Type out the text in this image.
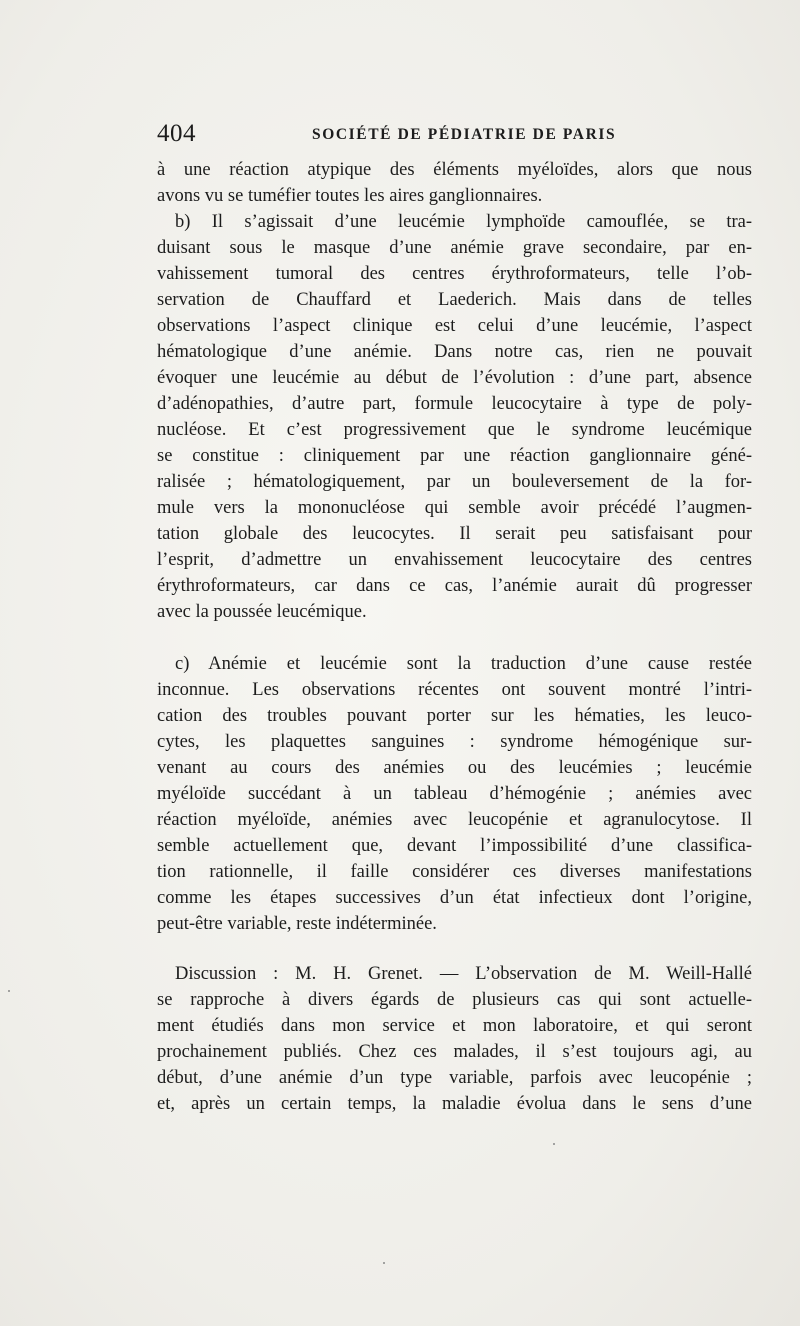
404	SOCIÉTÉ DE PÉDIATRIE DE PARIS
à une réaction atypique des éléments myéloïdes, alors que nous
avons vu se tuméfier toutes les aires ganglionnaires.
b) Il s’agissait d’une leucémie lymphoïde camouflée, se tra-
duisant sous le masque d’une anémie grave secondaire, par en-
vahissement tumoral des centres érythroformateurs, telle l’ob-
servation de Chauffard et Laederich. Mais dans de telles
observations l’aspect clinique est celui d’une leucémie, l’aspect
hématologique d’une anémie. Dans notre cas, rien ne pouvait
évoquer une leucémie au début de l’évolution : d’une part, absence
d’adénopathies, d’autre part, formule leucocytaire à type de poly-
nucléose. Et c’est progressivement que le syndrome leucémique
se constitue : cliniquement par une réaction ganglionnaire géné-
ralisée ; hématologiquement, par un bouleversement de la for-
mule vers la mononucléose qui semble avoir précédé l’augmen-
tation globale des leucocytes. Il serait peu satisfaisant pour
l’esprit, d’admettre un envahissement leucocytaire des centres
érythroformateurs, car dans ce cas, l’anémie aurait dû progresser
avec la poussée leucémique.
c) Anémie et leucémie sont la traduction d’une cause restée
inconnue. Les observations récentes ont souvent montré l’intri-
cation des troubles pouvant porter sur les hématies, les leuco-
cytes, les plaquettes sanguines : syndrome hémogénique sur-
venant au cours des anémies ou des leucémies ; leucémie
myéloïde succédant à un tableau d’hémogénie ; anémies avec
réaction myéloïde, anémies avec leucopénie et agranulocytose. Il
semble actuellement que, devant l’impossibilité d’une classifica-
tion rationnelle, il faille considérer ces diverses manifestations
comme les étapes successives d’un état infectieux dont l’origine,
peut-être variable, reste indéterminée.
Discussion : M. H. Grenet. — L’observation de M. Weill-Hallé
se rapproche à divers égards de plusieurs cas qui sont actuelle-
ment étudiés dans mon service et mon laboratoire, et qui seront
prochainement publiés. Chez ces malades, il s’est toujours agi, au
début, d’une anémie d’un type variable, parfois avec leucopénie ;
et, après un certain temps, la maladie évolua dans le sens d’une
